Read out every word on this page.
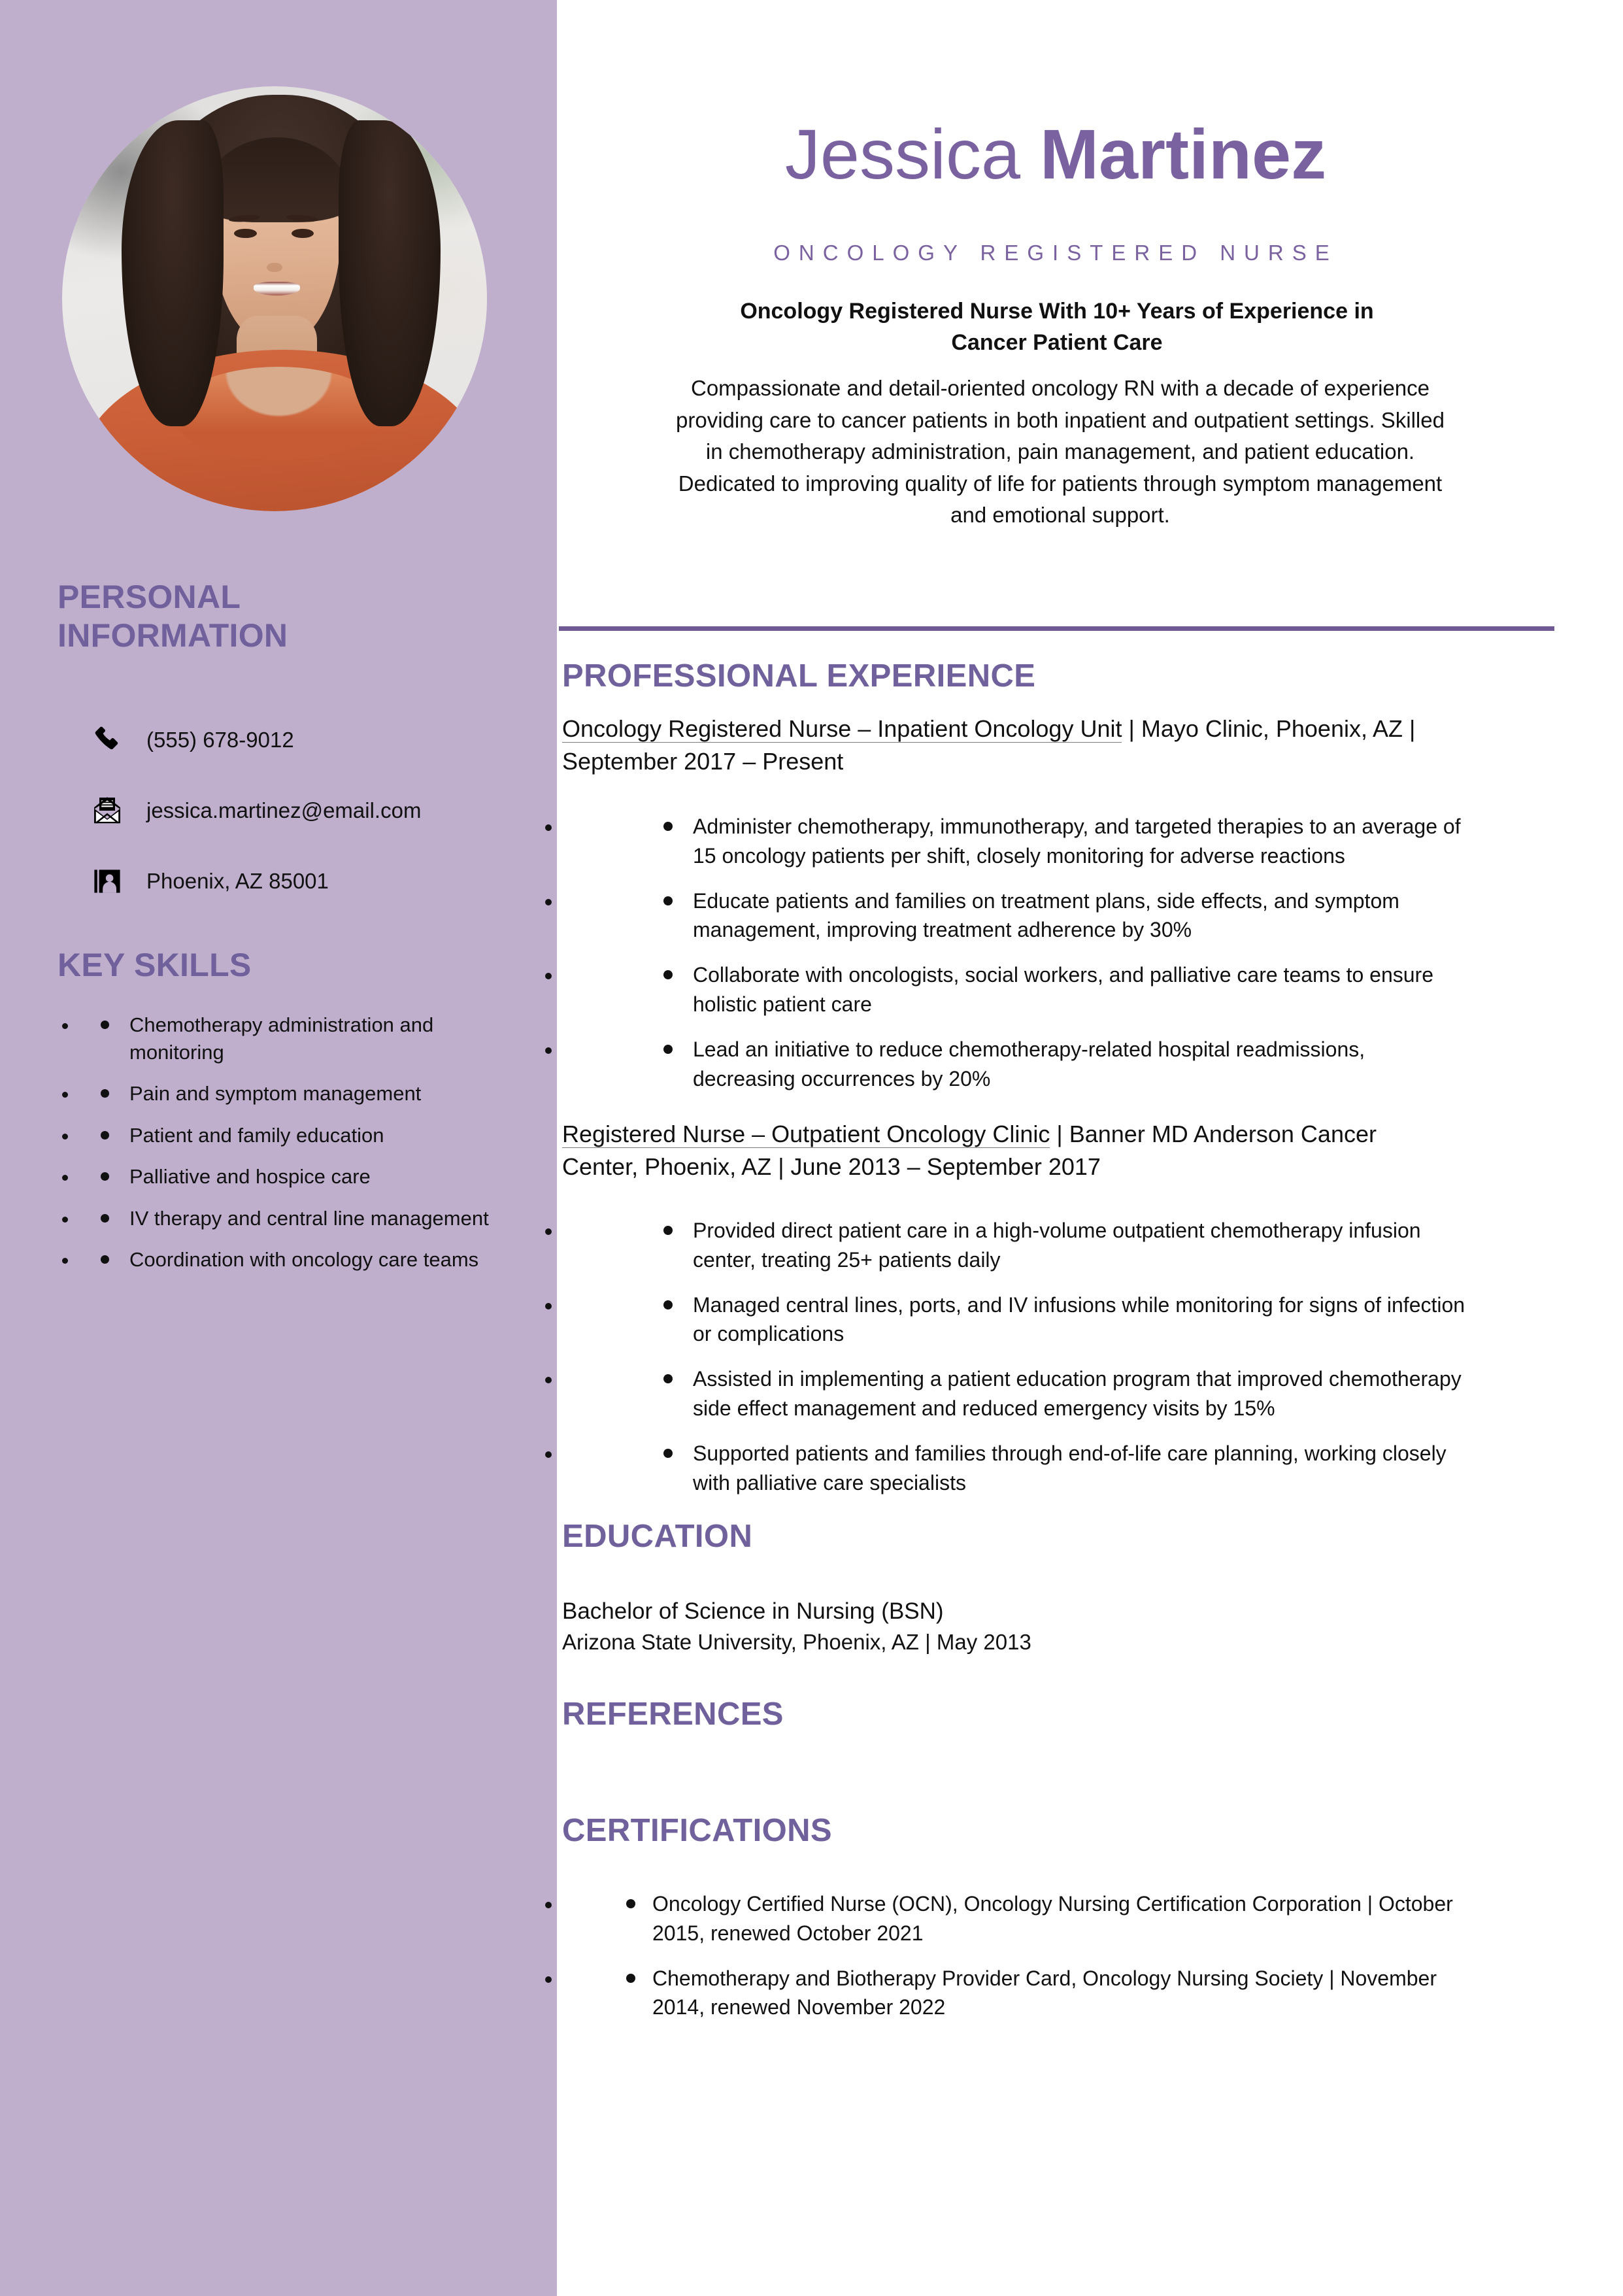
PERSONAL INFORMATION
(555) 678-9012
jessica.martinez@email.com
Phoenix, AZ 85001
KEY SKILLS
• Chemotherapy administration and monitoring
• Pain and symptom management
• Patient and family education
• Palliative and hospice care
• IV therapy and central line management
• Coordination with oncology care teams
Jessica Martinez
ONCOLOGY REGISTERED NURSE
Oncology Registered Nurse With 10+ Years of Experience in Cancer Patient Care

Compassionate and detail-oriented oncology RN with a decade of experience providing care to cancer patients in both inpatient and outpatient settings. Skilled in chemotherapy administration, pain management, and patient education. Dedicated to improving quality of life for patients through symptom management and emotional support.

PROFESSIONAL EXPERIENCE
Oncology Registered Nurse – Inpatient Oncology Unit | Mayo Clinic, Phoenix, AZ | September 2017 – Present
• Administer chemotherapy, immunotherapy, and targeted therapies to an average of 15 oncology patients per shift, closely monitoring for adverse reactions
• Educate patients and families on treatment plans, side effects, and symptom management, improving treatment adherence by 30%
• Collaborate with oncologists, social workers, and palliative care teams to ensure holistic patient care
• Lead an initiative to reduce chemotherapy-related hospital readmissions, decreasing occurrences by 20%
Registered Nurse – Outpatient Oncology Clinic | Banner MD Anderson Cancer Center, Phoenix, AZ | June 2013 – September 2017
• Provided direct patient care in a high-volume outpatient chemotherapy infusion center, treating 25+ patients daily
• Managed central lines, ports, and IV infusions while monitoring for signs of infection or complications
• Assisted in implementing a patient education program that improved chemotherapy side effect management and reduced emergency visits by 15%
• Supported patients and families through end-of-life care planning, working closely with palliative care specialists
EDUCATION
Bachelor of Science in Nursing (BSN)
Arizona State University, Phoenix, AZ | May 2013
REFERENCES
CERTIFICATIONS
• Oncology Certified Nurse (OCN), Oncology Nursing Certification Corporation | October 2015, renewed October 2021
• Chemotherapy and Biotherapy Provider Card, Oncology Nursing Society | November 2014, renewed November 2022
